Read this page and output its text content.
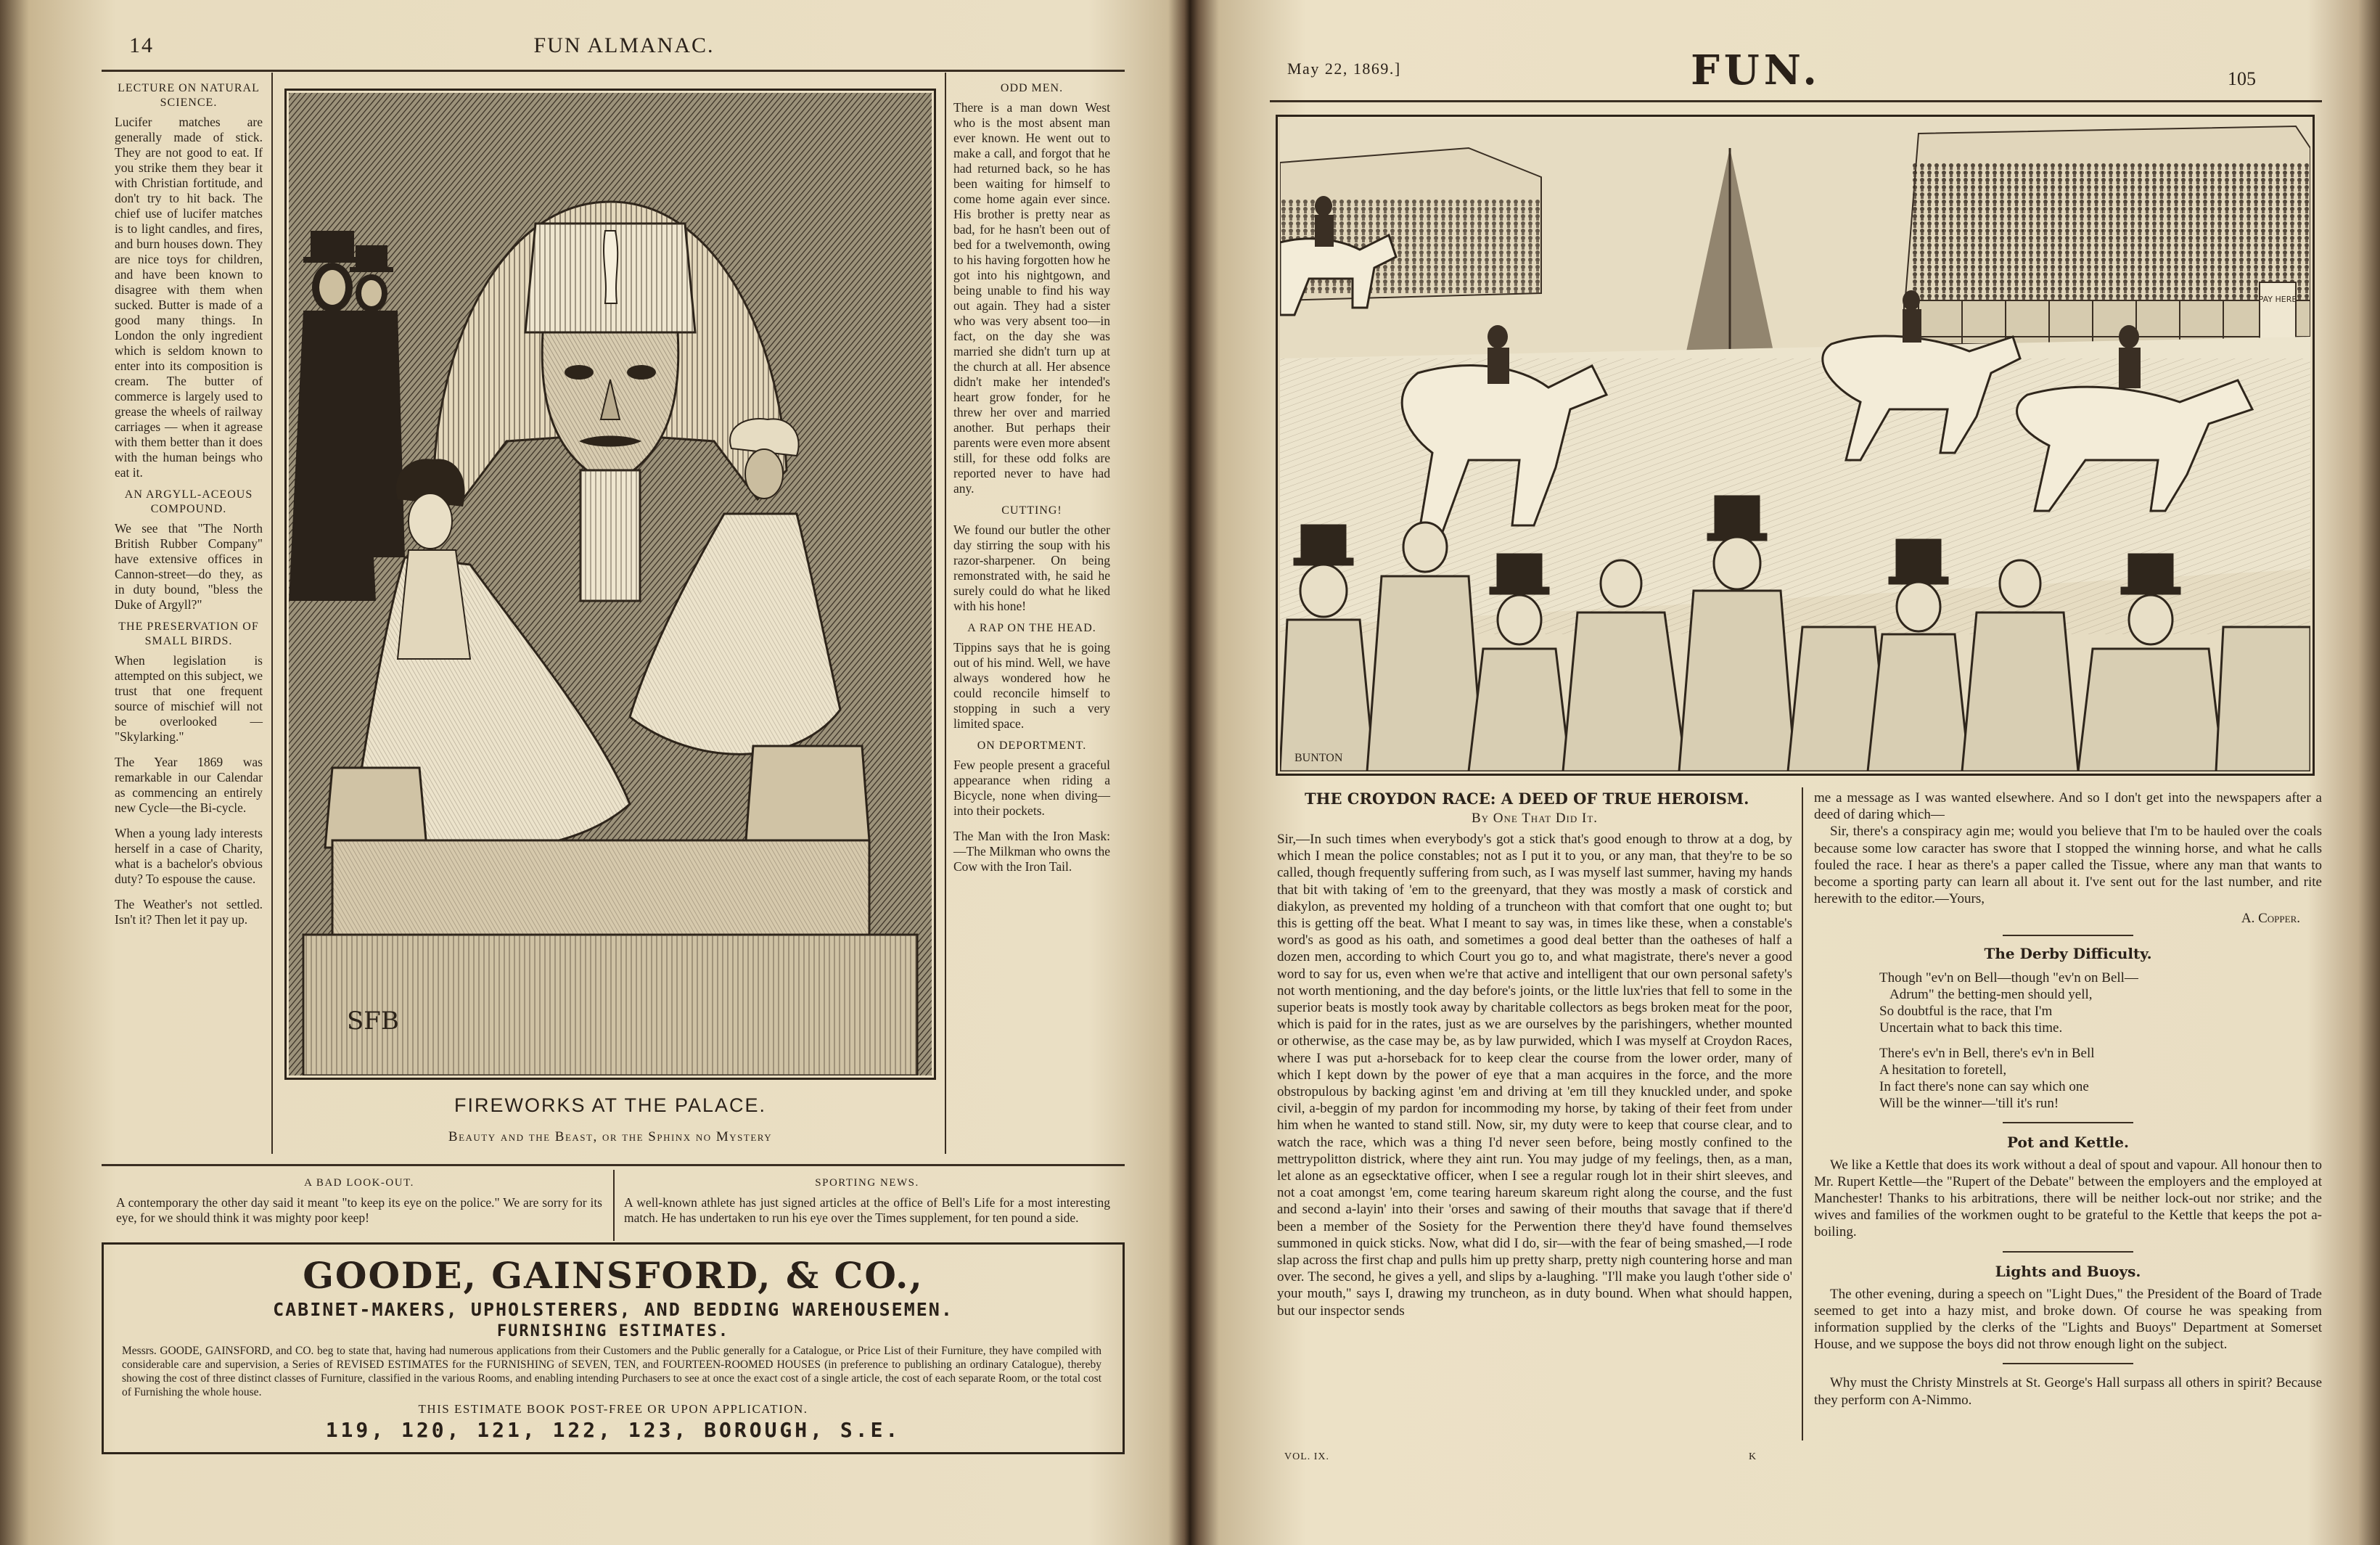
14	FUN ALMANAC.
LECTURE ON NATURAL SCIENCE.

Lucifer matches are generally made of stick. They are not good to eat. If you strike them they bear it with Christian fortitude, and don't try to hit back. The chief use of lucifer matches is to light candles, and fires, and burn houses down. They are nice toys for children, and have been known to disagree with them when sucked. Butter is made of a good many things. In London the only ingredient which is seldom known to enter into its composition is cream. The butter of commerce is largely used to grease the wheels of railway carriages — when it agrease with them better than it does with the human beings who eat it.

AN ARGYLL-ACEOUS COMPOUND.

We see that "The North British Rubber Company" have extensive offices in Cannon-street—do they, as in duty bound, "bless the Duke of Argyll?"

THE PRESERVATION OF SMALL BIRDS.

When legislation is attempted on this subject, we trust that one frequent source of mischief will not be overlooked — "Skylarking."

The Year 1869 was remarkable in our Calendar as commencing an entirely new Cycle—the Bi-cycle.

When a young lady interests herself in a case of Charity, what is a bachelor's obvious duty? To espouse the cause.

The Weather's not settled. Isn't it? Then let it pay up.

SFB
FIREWORKS AT THE PALACE.
Beauty and the Beast, or the Sphinx no Mystery
ODD MEN.

There is a man down West who is the most absent man ever known. He went out to make a call, and forgot that he had returned back, so he has been waiting for himself to come home again ever since. His brother is pretty near as bad, for he hasn't been out of bed for a twelvemonth, owing to his having forgotten how he got into his nightgown, and being unable to find his way out again. They had a sister who was very absent too—in fact, on the day she was married she didn't turn up at the church at all. Her absence didn't make her intended's heart grow fonder, for he threw her over and married another. But perhaps their parents were even more absent still, for these odd folks are reported never to have had any.

CUTTING!

We found our butler the other day stirring the soup with his razor-sharpener. On being remonstrated with, he said he surely could do what he liked with his hone!

A RAP ON THE HEAD.

Tippins says that he is going out of his mind. Well, we have always wondered how he could reconcile himself to stopping in such a very limited space.

ON DEPORTMENT.

Few people present a graceful appearance when riding a Bicycle, none when diving—into their pockets.

The Man with the Iron Mask:—The Milkman who owns the Cow with the Iron Tail.

A BAD LOOK-OUT.
A contemporary the other day said it meant "to keep its eye on the police." We are sorry for its eye, for we should think it was mighty poor keep!
SPORTING NEWS.
A well-known athlete has just signed articles at the office of Bell's Life for a most interesting match. He has undertaken to run his eye over the Times supplement, for ten pound a side.
GOODE, GAINSFORD, & CO.,
CABINET-MAKERS, UPHOLSTERERS, AND BEDDING WAREHOUSEMEN.
FURNISHING ESTIMATES.
Messrs. GOODE, GAINSFORD, and CO. beg to state that, having had numerous applications from their Customers and the Public generally for a Catalogue, or Price List of their Furniture, they have compiled with considerable care and supervision, a Series of REVISED ESTIMATES for the FURNISHING of SEVEN, TEN, and FOURTEEN-ROOMED HOUSES (in preference to publishing an ordinary Catalogue), thereby showing the cost of three distinct classes of Furniture, classified in the various Rooms, and enabling intending Purchasers to see at once the exact cost of a single article, the cost of each separate Room, or the total cost of Furnishing the whole house.
THIS ESTIMATE BOOK POST-FREE OR UPON APPLICATION.
119, 120, 121, 122, 123, BOROUGH, S.E.
May 22, 1869.]	FUN.	105
PAY HERE
BUNTON
THE CROYDON RACE: A DEED OF TRUE HEROISM.
By One That Did It.
Sir,—In such times when everybody's got a stick that's good enough to throw at a dog, by which I mean the police constables; not as I put it to you, or any man, that they're to be so called, though frequently suffering from such, as I was myself last summer, having my hands that bit with taking of 'em to the greenyard, that they was mostly a mask of corstick and diakylon, as prevented my holding of a truncheon with that comfort that one ought to; but this is getting off the beat. What I meant to say was, in times like these, when a constable's word's as good as his oath, and sometimes a good deal better than the oatheses of half a dozen men, according to which Court you go to, and what magistrate, there's never a good word to say for us, even when we're that active and intelligent that our own personal safety's not worth mentioning, and the day before's joints, or the little lux'ries that fell to some in the superior beats is mostly took away by charitable collectors as begs broken meat for the poor, which is paid for in the rates, just as we are ourselves by the parishingers, whether mounted or otherwise, as the case may be, as by law purwided, which I was myself at Croydon Races, where I was put a-horseback for to keep clear the course from the lower order, many of which I kept down by the power of eye that a man acquires in the force, and the more obstropulous by backing aginst 'em and driving at 'em till they knuckled under, and spoke civil, a-beggin of my pardon for incommoding my horse, by taking of their feet from under him when he wanted to stand still. Now, sir, my duty were to keep that course clear, and to watch the race, which was a thing I'd never seen before, being mostly confined to the mettrypolitton districk, where they aint run. You may judge of my feelings, then, as a man, let alone as an egsecktative officer, when I see a regular rough lot in their shirt sleeves, and not a coat amongst 'em, come tearing hareum skareum right along the course, and the fust and second a-layin' into their 'orses and sawing of their mouths that savage that if there'd been a member of the Sosiety for the Perwention there they'd have found themselves summoned in quick sticks. Now, what did I do, sir—with the fear of being smashed,—I rode slap across the first chap and pulls him up pretty sharp, pretty nigh countering horse and man over. The second, he gives a yell, and slips by a-laughing. "I'll make you laugh t'other side o' your mouth," says I, drawing my truncheon, as in duty bound. When what should happen, but our inspector sends
me a message as I was wanted elsewhere. And so I don't get into the newspapers after a deed of daring which—
Sir, there's a conspiracy agin me; would you believe that I'm to be hauled over the coals because some low caracter has swore that I stopped the winning horse, and what he calls fouled the race. I hear as there's a paper called the Tissue, where any man that wants to become a sporting party can learn all about it. I've sent out for the last number, and rite herewith to the editor.—Yours,
A. Copper.
The Derby Difficulty.
Though "ev'n on Bell—though "ev'n on Bell—
Adrum" the betting-men should yell,
So doubtful is the race, that I'm
Uncertain what to back this time.
There's ev'n in Bell, there's ev'n in Bell
A hesitation to foretell,
In fact there's none can say which one
Will be the winner—'till it's run!
Pot and Kettle.
We like a Kettle that does its work without a deal of spout and vapour. All honour then to Mr. Rupert Kettle—the "Rupert of the Debate" between the employers and the employed at Manchester! Thanks to his arbitrations, there will be neither lock-out nor strike; and the wives and families of the workmen ought to be grateful to the Kettle that keeps the pot a-boiling.
Lights and Buoys.
The other evening, during a speech on "Light Dues," the President of the Board of Trade seemed to get into a hazy mist, and broke down. Of course he was speaking from information supplied by the clerks of the "Lights and Buoys" Department at Somerset House, and we suppose the boys did not throw enough light on the subject.
Why must the Christy Minstrels at St. George's Hall surpass all others in spirit? Because they perform con A-Nimmo.
VOL. IX.	K
